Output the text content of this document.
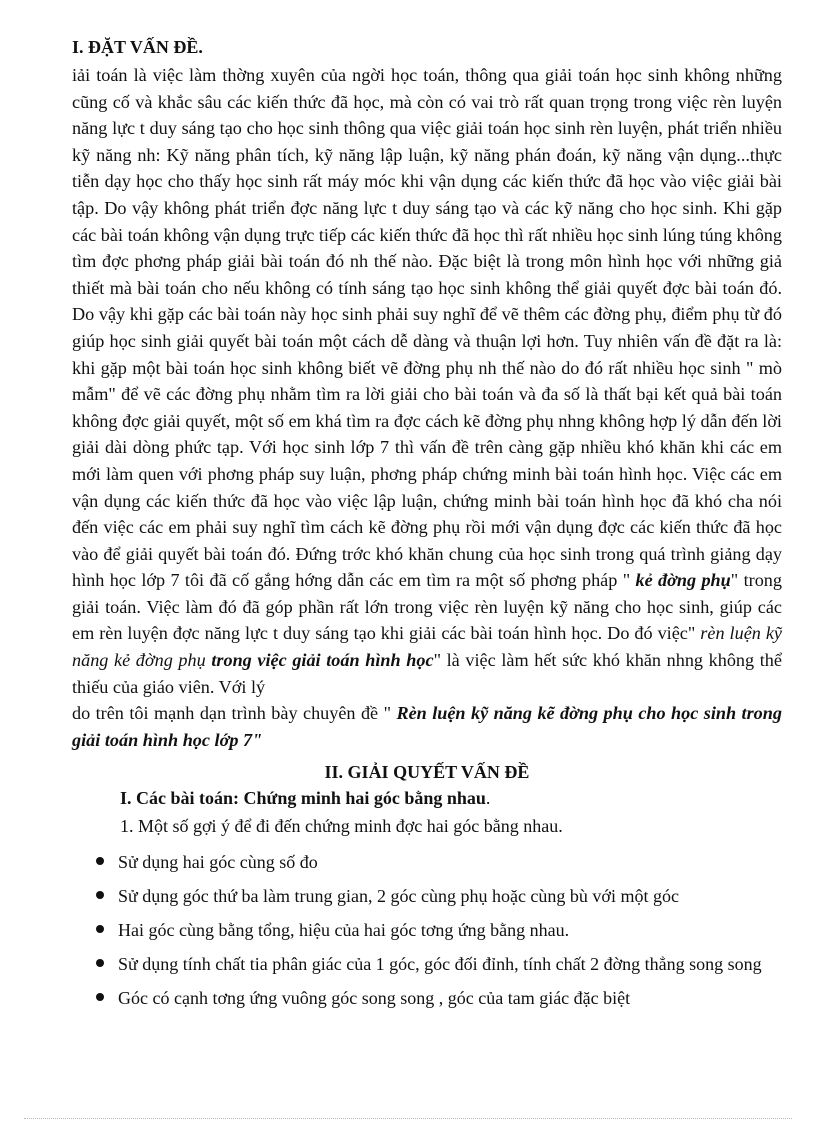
I. ĐẶT VẤN ĐỀ.

iải toán là việc làm thờng xuyên của ngời học toán, thông qua giải toán học sinh không những cũng cố và khắc sâu các kiến thức đã học, mà còn có vai trò rất quan trọng trong việc rèn luyện năng lực t duy sáng tạo cho học sinh thông qua việc giải toán học sinh rèn luyện, phát triển nhiều kỹ năng nh: Kỹ năng phân tích, kỹ năng lập luận, kỹ năng phán đoán, kỹ năng vận dụng...thực tiễn dạy học cho thấy học sinh rất máy móc khi vận dụng các kiến thức đã học vào việc giải bài tập. Do vậy không phát triển đợc năng lực t duy sáng tạo và các kỹ năng cho học sinh. Khi gặp các bài toán không vận dụng trực tiếp các kiến thức đã học thì rất nhiều học sinh lúng túng không tìm đợc phơng pháp giải bài toán đó nh thế nào. Đặc biệt là trong môn hình học với những giả thiết mà bài toán cho nếu không có tính sáng tạo học sinh không thể giải quyết đợc bài toán đó. Do vậy khi gặp các bài toán này học sinh phải suy nghĩ để vẽ thêm các đờng phụ, điểm phụ từ đó giúp học sinh giải quyết bài toán một cách dễ dàng và thuận lợi hơn. Tuy nhiên vấn đề đặt ra là: khi gặp một bài toán học sinh không biết vẽ đờng phụ nh thế nào do đó rất nhiều học sinh " mò mẫm" để vẽ các đờng phụ nhằm tìm ra lời giải cho bài toán và đa số là thất bại kết quả bài toán không đợc giải quyết, một số em khá tìm ra đợc cách kẽ đờng phụ nhng không hợp lý dẫn đến lời giải dài dòng phức tạp. Với học sinh lớp 7 thì vấn đề trên càng gặp nhiều khó khăn khi các em mới làm quen với phơng pháp suy luận, phơng pháp chứng minh bài toán hình học. Việc các em vận dụng các kiến thức đã học vào việc lập luận, chứng minh bài toán hình học đã khó cha nói đến việc các em phải suy nghĩ tìm cách kẽ đờng phụ rồi mới vận dụng đợc các kiến thức đã học vào để giải quyết bài toán đó. Đứng trớc khó khăn chung của học sinh trong quá trình giảng dạy hình học lớp 7 tôi đã cố gắng hớng dẫn các em tìm ra một số phơng pháp " kẻ đờng phụ" trong giải toán. Việc làm đó đã góp phần rất lớn trong việc rèn luyện kỹ năng cho học sinh, giúp các em rèn luyện đợc năng lực t duy sáng tạo khi giải các bài toán hình học. Do đó việc" rèn luện kỹ năng kẻ đờng phụ trong việc giải toán hình học" là việc làm hết sức khó khăn nhng không thể thiếu của giáo viên. Với lý

do trên tôi mạnh dạn trình bày chuyên đề " Rèn luện kỹ năng kẽ đờng phụ cho học sinh trong giải toán hình học lớp 7"

II. GIẢI QUYẾT VẤN ĐỀ
I. Các bài toán: Chứng minh hai góc bằng nhau.
1. Một số gợi ý để đi đến chứng minh đợc hai góc bằng nhau.
Sử dụng hai góc cùng số đo
Sử dụng góc thứ ba làm trung gian, 2 góc cùng phụ hoặc cùng bù với một góc
Hai góc cùng bằng tổng, hiệu của hai góc tơng ứng bằng nhau.
Sử dụng tính chất tia phân giác của 1 góc, góc đối đỉnh, tính chất 2 đờng thẳng song song
Góc có cạnh tơng ứng vuông góc song song , góc của tam giác đặc biệt
